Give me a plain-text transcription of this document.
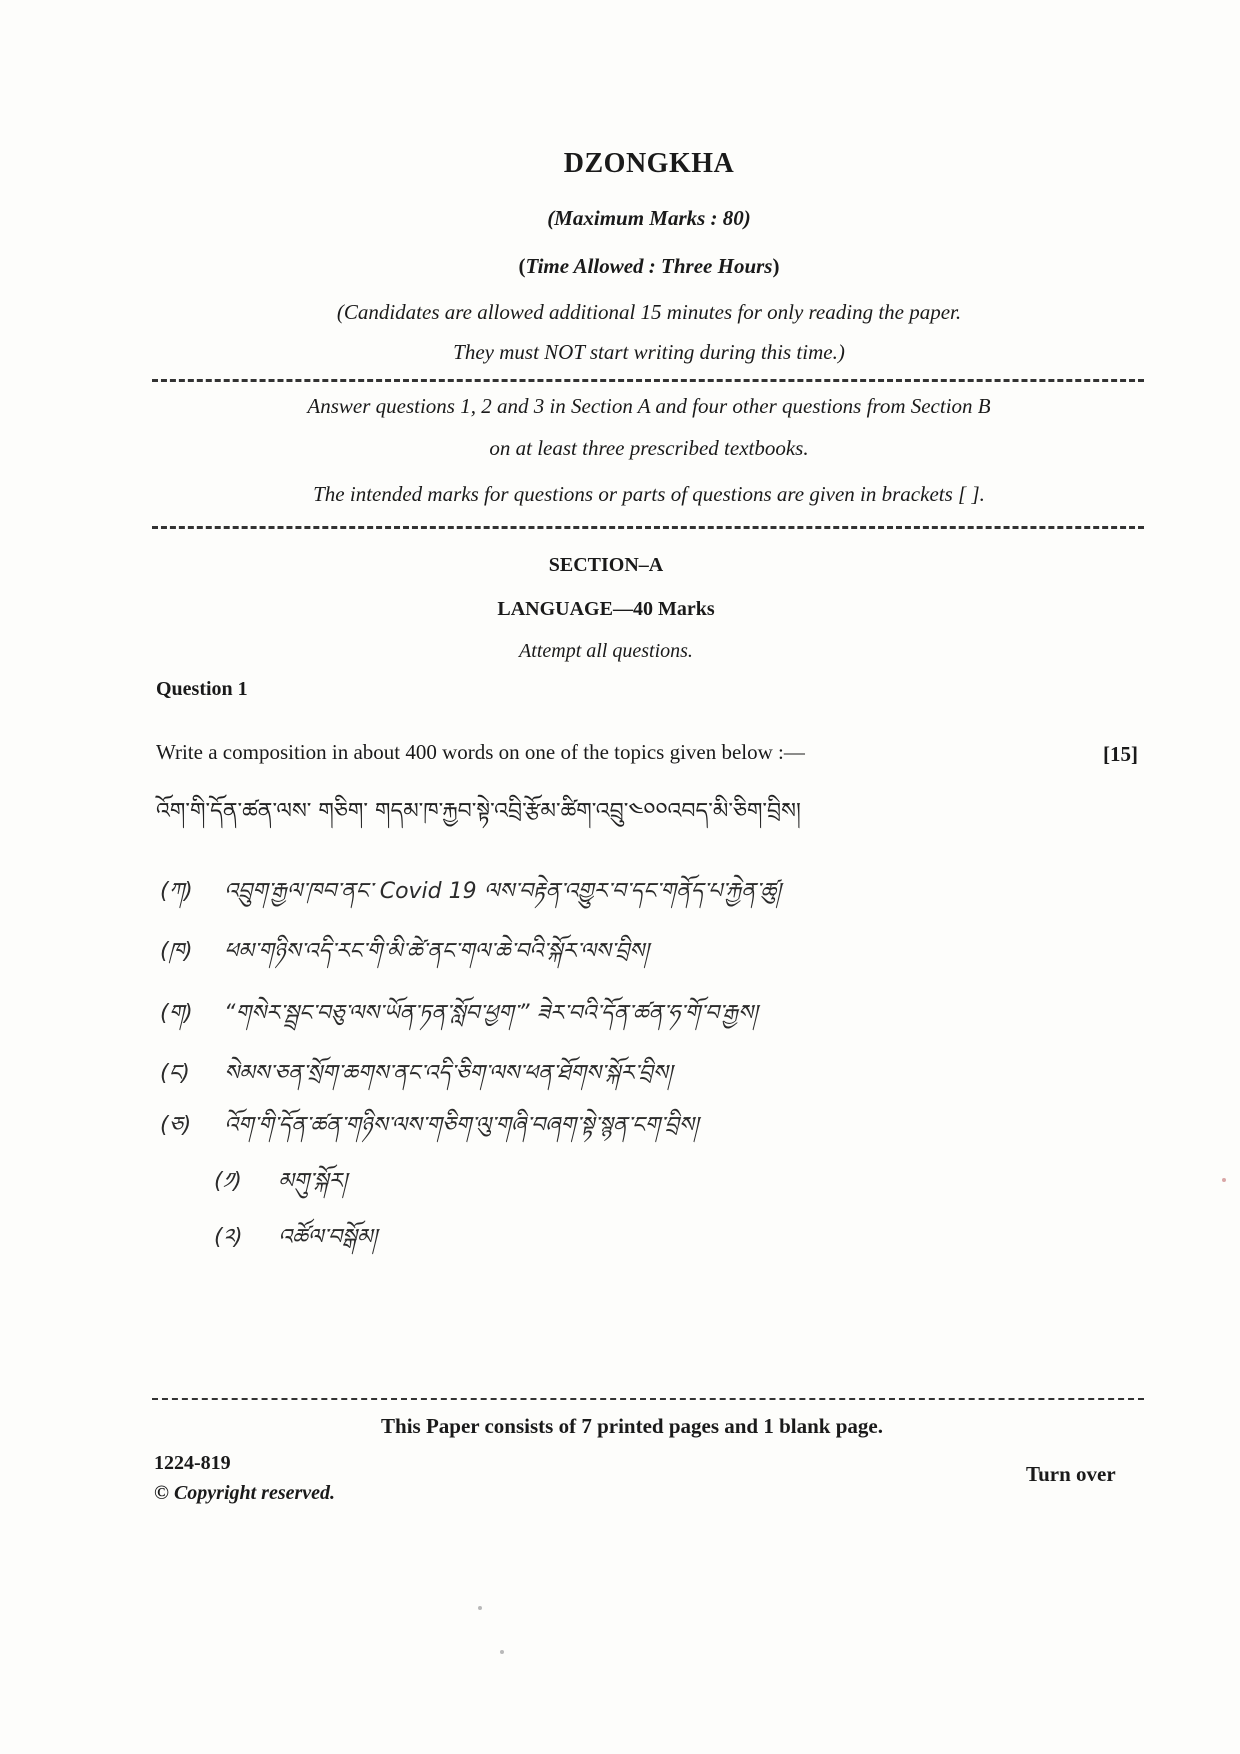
DZONGKHA
(Maximum Marks : 80)
(Time Allowed : Three Hours)
(Candidates are allowed additional 15 minutes for only reading the paper.
They must NOT start writing during this time.)
Answer questions 1, 2 and 3 in Section A and four other questions from Section B
on at least three prescribed textbooks.
The intended marks for questions or parts of questions are given in brackets [ ].
SECTION–A
LANGUAGE—40 Marks
Attempt all questions.
Question 1
Write a composition in about 400 words on one of the topics given below :—	[15]
འོག་གི་དོན་ཚན་ལས་ གཅིག་ གདམ་ཁ་རྐྱབ་སྟེ་འབྲི་རྩོམ་ཚིག་འབྲུ་༤༠༠འབད་མི་ཅིག་བྲིས།
(ཀ) འབྲུག་རྒྱལ་ཁབ་ནང་ Covid 19 ལས་བརྟེན་འགྱུར་བ་དང་གནོད་པ་རྐྱེན་ཚུ།
(ཁ) ཕམ་གཉིས་འདི་རང་གི་མི་ཚེ་ནང་གལ་ཆེ་བའི་སྐོར་ལས་བྲིས།
(ག) “གསེར་སྦྲང་བཅུ་ལས་ཡོན་ཏན་སློབ་ཕྱག་” ཟེར་བའི་དོན་ཚན་ཧ་གོ་བ་རྒྱས།
(ང) སེམས་ཅན་སྲོག་ཆགས་ནང་འདི་ཅིག་ལས་ཕན་ཐོགས་སྐོར་བྲིས།
(ཅ) འོག་གི་དོན་ཚན་གཉིས་ལས་གཅིག་ལུ་གཞི་བཞག་སྟེ་སྙན་ངག་བྲིས།
(༡) མགུ་སྐོར།
(༢) འཚོལ་བསྒོམ།
This Paper consists of 7 printed pages and 1 blank page.
1224-819
© Copyright reserved.
Turn over
